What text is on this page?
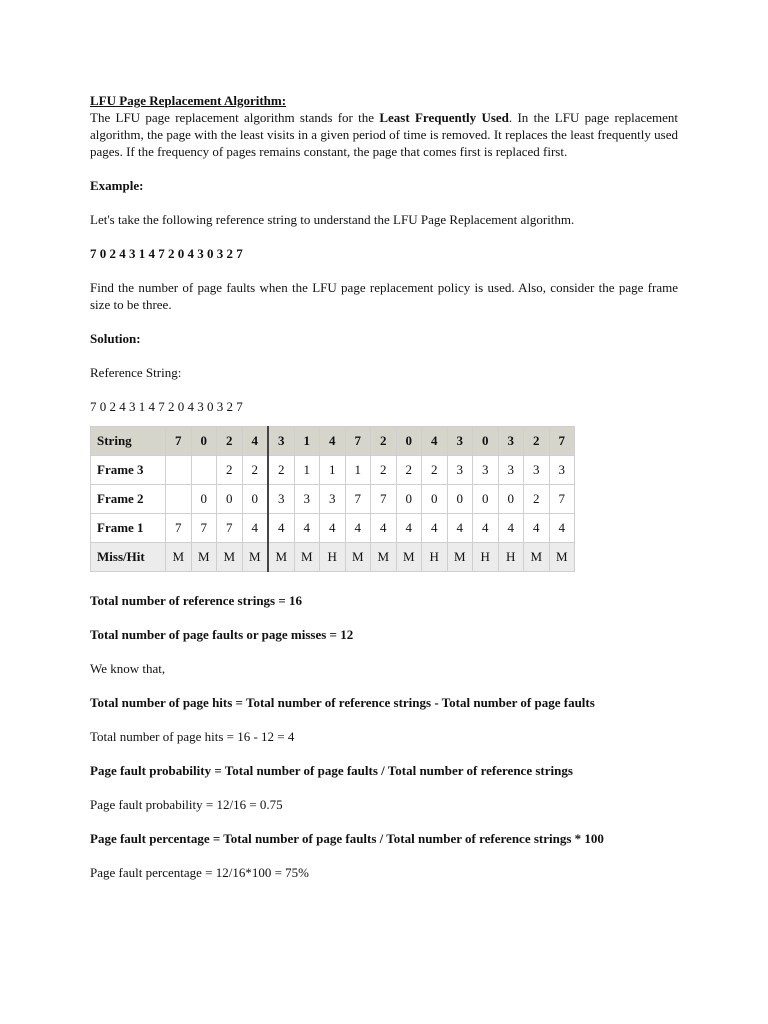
LFU Page Replacement Algorithm:

The LFU page replacement algorithm stands for the Least Frequently Used. In the LFU page replacement algorithm, the page with the least visits in a given period of time is removed. It replaces the least frequently used pages. If the frequency of pages remains constant, the page that comes first is replaced first.

Example:

Let's take the following reference string to understand the LFU Page Replacement algorithm.

7 0 2 4 3 1 4 7 2 0 4 3 0 3 2 7

Find the number of page faults when the LFU page replacement policy is used. Also, consider the page frame size to be three.

Solution:

Reference String:

7 0 2 4 3 1 4 7 2 0 4 3 0 3 2 7

String	7	0	2	4	3	1	4	7	2	0	4	3	0	3	2	7
Frame 3			2	2	2	1	1	1	2	2	2	3	3	3	3	3
Frame 2		0	0	0	3	3	3	7	7	0	0	0	0	0	2	7
Frame 1	7	7	7	4	4	4	4	4	4	4	4	4	4	4	4	4
Miss/Hit	M	M	M	M	M	M	H	M	M	M	H	M	H	H	M	M

Total number of reference strings = 16

Total number of page faults or page misses = 12

We know that,

Total number of page hits = Total number of reference strings - Total number of page faults

Total number of page hits = 16 - 12 = 4

Page fault probability = Total number of page faults / Total number of reference strings

Page fault probability = 12/16 = 0.75

Page fault percentage = Total number of page faults / Total number of reference strings * 100

Page fault percentage = 12/16*100 = 75%
